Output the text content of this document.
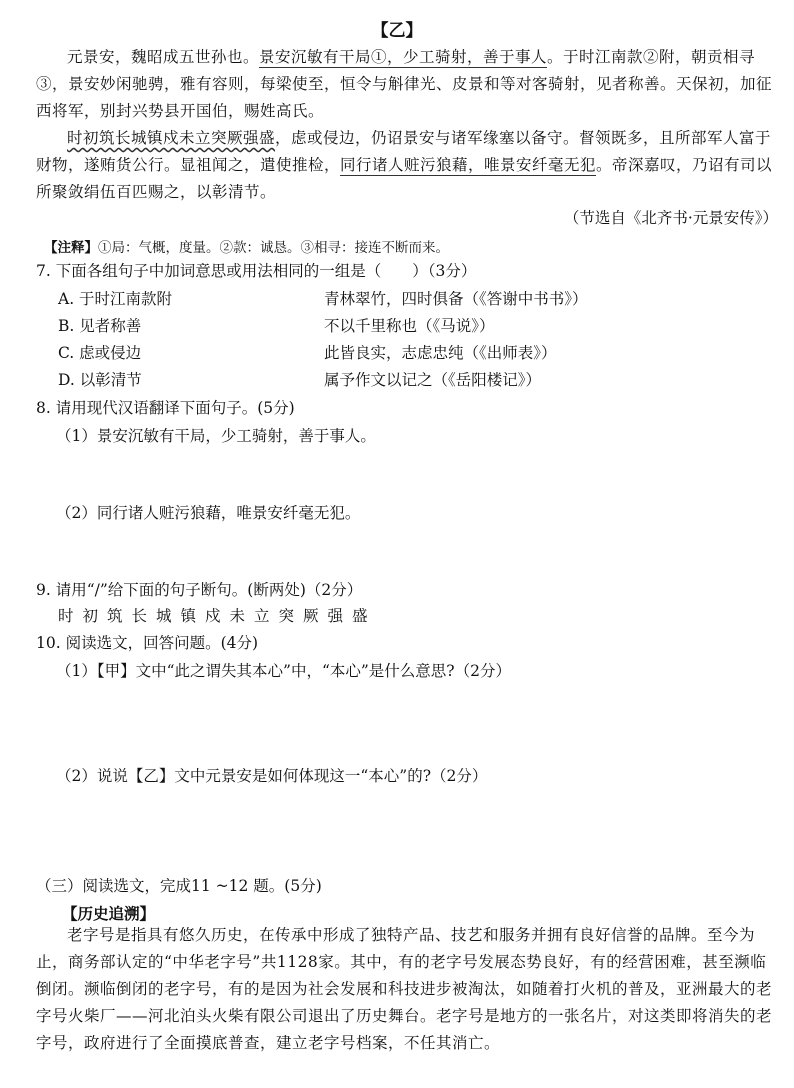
【乙】
元景安，魏昭成五世孙也。景安沉敏有干局①，少工骑射，善于事人。于时江南款②附，朝贡相寻③，景安妙闲驰骋，雅有容则，每梁使至，恒令与斛律光、皮景和等对客骑射，见者称善。天保初，加征西将军，别封兴势县开国伯，赐姓高氏。
时初筑长城镇戍未立突厥强盛，虑或侵边，仍诏景安与诸军缘塞以备守。督领既多，且所部军人富于财物，遂贿货公行。显祖闻之，遣使推检，同行诸人赃污狼藉，唯景安纤毫无犯。帝深嘉叹，乃诏有司以所聚敛绢伍百匹赐之，以彰清节。
（节选自《北齐书·元景安传》）
【注释】①局：气概，度量。②款：诚恳。③相寻：接连不断而来。
7. 下面各组句子中加词意思或用法相同的一组是（　　）（3分）
A. 于时江南款附	青林翠竹，四时俱备（《答谢中书书》）
B. 见者称善	不以千里称也（《马说》）
C. 虑或侵边	此皆良实，志虑忠纯（《出师表》）
D. 以彰清节	属予作文以记之（《岳阳楼记》）
8. 请用现代汉语翻译下面句子。(5分)
（1）景安沉敏有干局，少工骑射，善于事人。
（2）同行诸人赃污狼藉，唯景安纤毫无犯。
9. 请用“/”给下面的句子断句。(断两处)（2分）
时初筑长城镇戍未立突厥强盛
10. 阅读选文，回答问题。(4分)
（1）【甲】文中“此之谓失其本心”中，“本心”是什么意思?（2分）
（2）说说【乙】文中元景安是如何体现这一“本心”的?（2分）
（三）阅读选文，完成11 ~12 题。(5分)
【历史追溯】
老字号是指具有悠久历史，在传承中形成了独特产品、技艺和服务并拥有良好信誉的品牌。至今为止，商务部认定的“中华老字号”共1128家。其中，有的老字号发展态势良好，有的经营困难，甚至濒临倒闭。濒临倒闭的老字号，有的是因为社会发展和科技进步被淘汰，如随着打火机的普及，亚洲最大的老字号火柴厂——河北泊头火柴有限公司退出了历史舞台。老字号是地方的一张名片，对这类即将消失的老字号，政府进行了全面摸底普查，建立老字号档案，不任其消亡。
